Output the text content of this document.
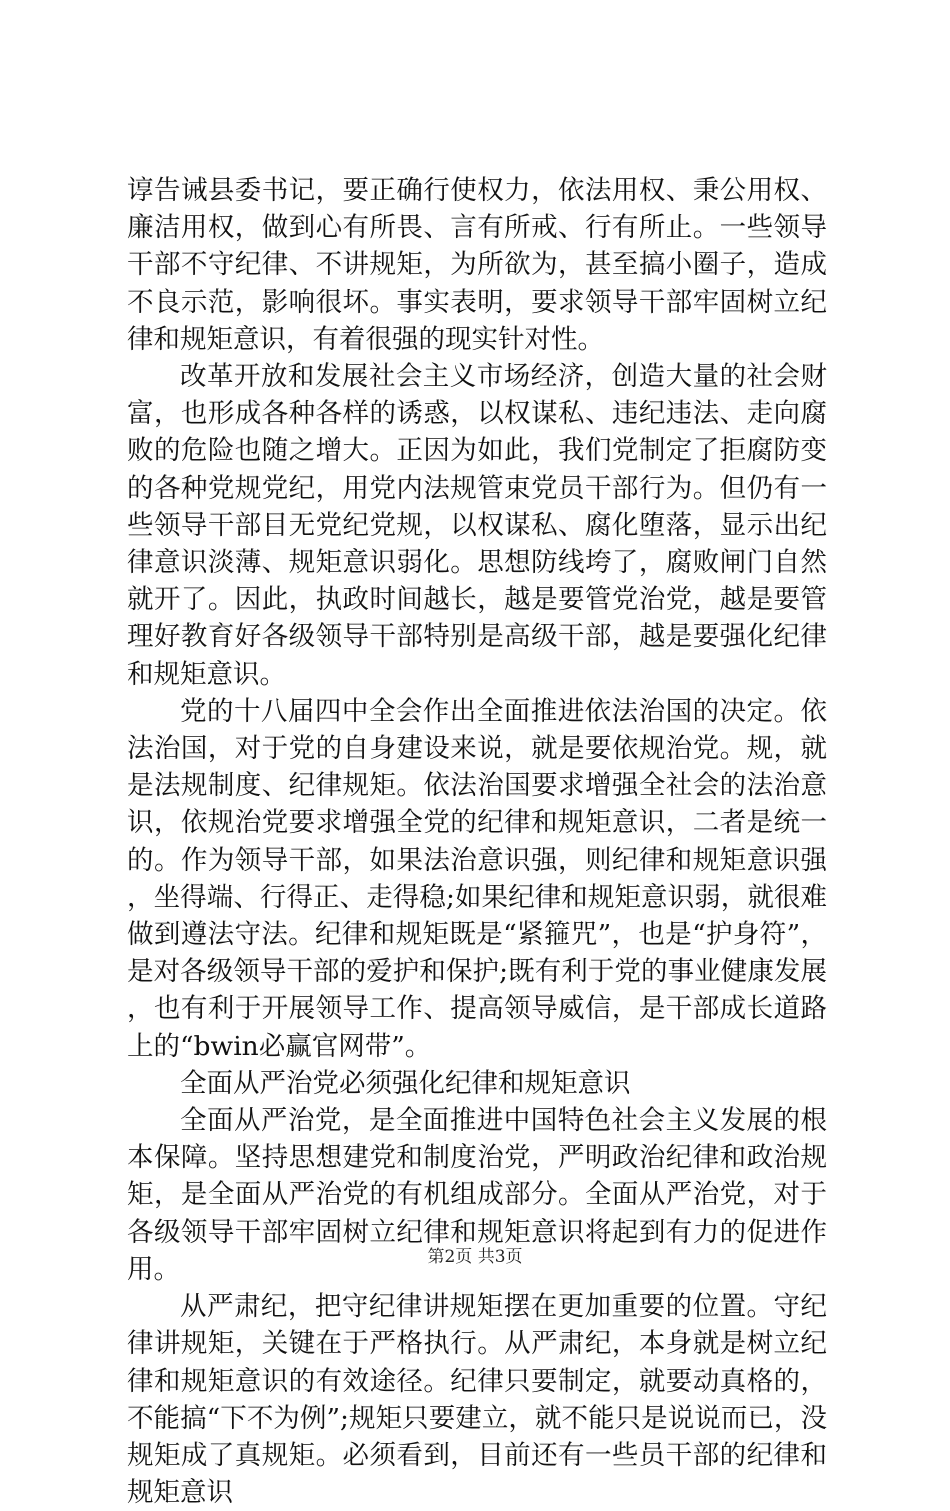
谆告诫县委书记，要正确行使权力，依法用权、秉公用权、廉洁用权，做到心有所畏、言有所戒、行有所止。一些领导干部不守纪律、不讲规矩，为所欲为，甚至搞小圈子，造成不良示范，影响很坏。事实表明，要求领导干部牢固树立纪律和规矩意识，有着很强的现实针对性。

改革开放和发展社会主义市场经济，创造大量的社会财富，也形成各种各样的诱惑，以权谋私、违纪违法、走向腐败的危险也随之增大。正因为如此，我们党制定了拒腐防变的各种党规党纪，用党内法规管束党员干部行为。但仍有一些领导干部目无党纪党规，以权谋私、腐化堕落，显示出纪律意识淡薄、规矩意识弱化。思想防线垮了，腐败闸门自然就开了。因此，执政时间越长，越是要管党治党，越是要管理好教育好各级领导干部特别是高级干部，越是要强化纪律和规矩意识。

党的十八届四中全会作出全面推进依法治国的决定。依法治国，对于党的自身建设来说，就是要依规治党。规，就是法规制度、纪律规矩。依法治国要求增强全社会的法治意识，依规治党要求增强全党的纪律和规矩意识，二者是统一的。作为领导干部，如果法治意识强，则纪律和规矩意识强，坐得端、行得正、走得稳;如果纪律和规矩意识弱，就很难做到遵法守法。纪律和规矩既是“紧箍咒”，也是“护身符”，是对各级领导干部的爱护和保护;既有利于党的事业健康发展，也有利于开展领导工作、提高领导威信，是干部成长道路上的“bwin必赢官网带”。

全面从严治党必须强化纪律和规矩意识

全面从严治党，是全面推进中国特色社会主义发展的根本保障。坚持思想建党和制度治党，严明政治纪律和政治规矩，是全面从严治党的有机组成部分。全面从严治党，对于各级领导干部牢固树立纪律和规矩意识将起到有力的促进作用。

从严肃纪，把守纪律讲规矩摆在更加重要的位置。守纪律讲规矩，关键在于严格执行。从严肃纪，本身就是树立纪律和规矩意识的有效途径。纪律只要制定，就要动真格的，不能搞“下不为例”;规矩只要建立，就不能只是说说而已，没规矩成了真规矩。必须看到，目前还有一些员干部的纪律和规矩意识

第2页 共3页
